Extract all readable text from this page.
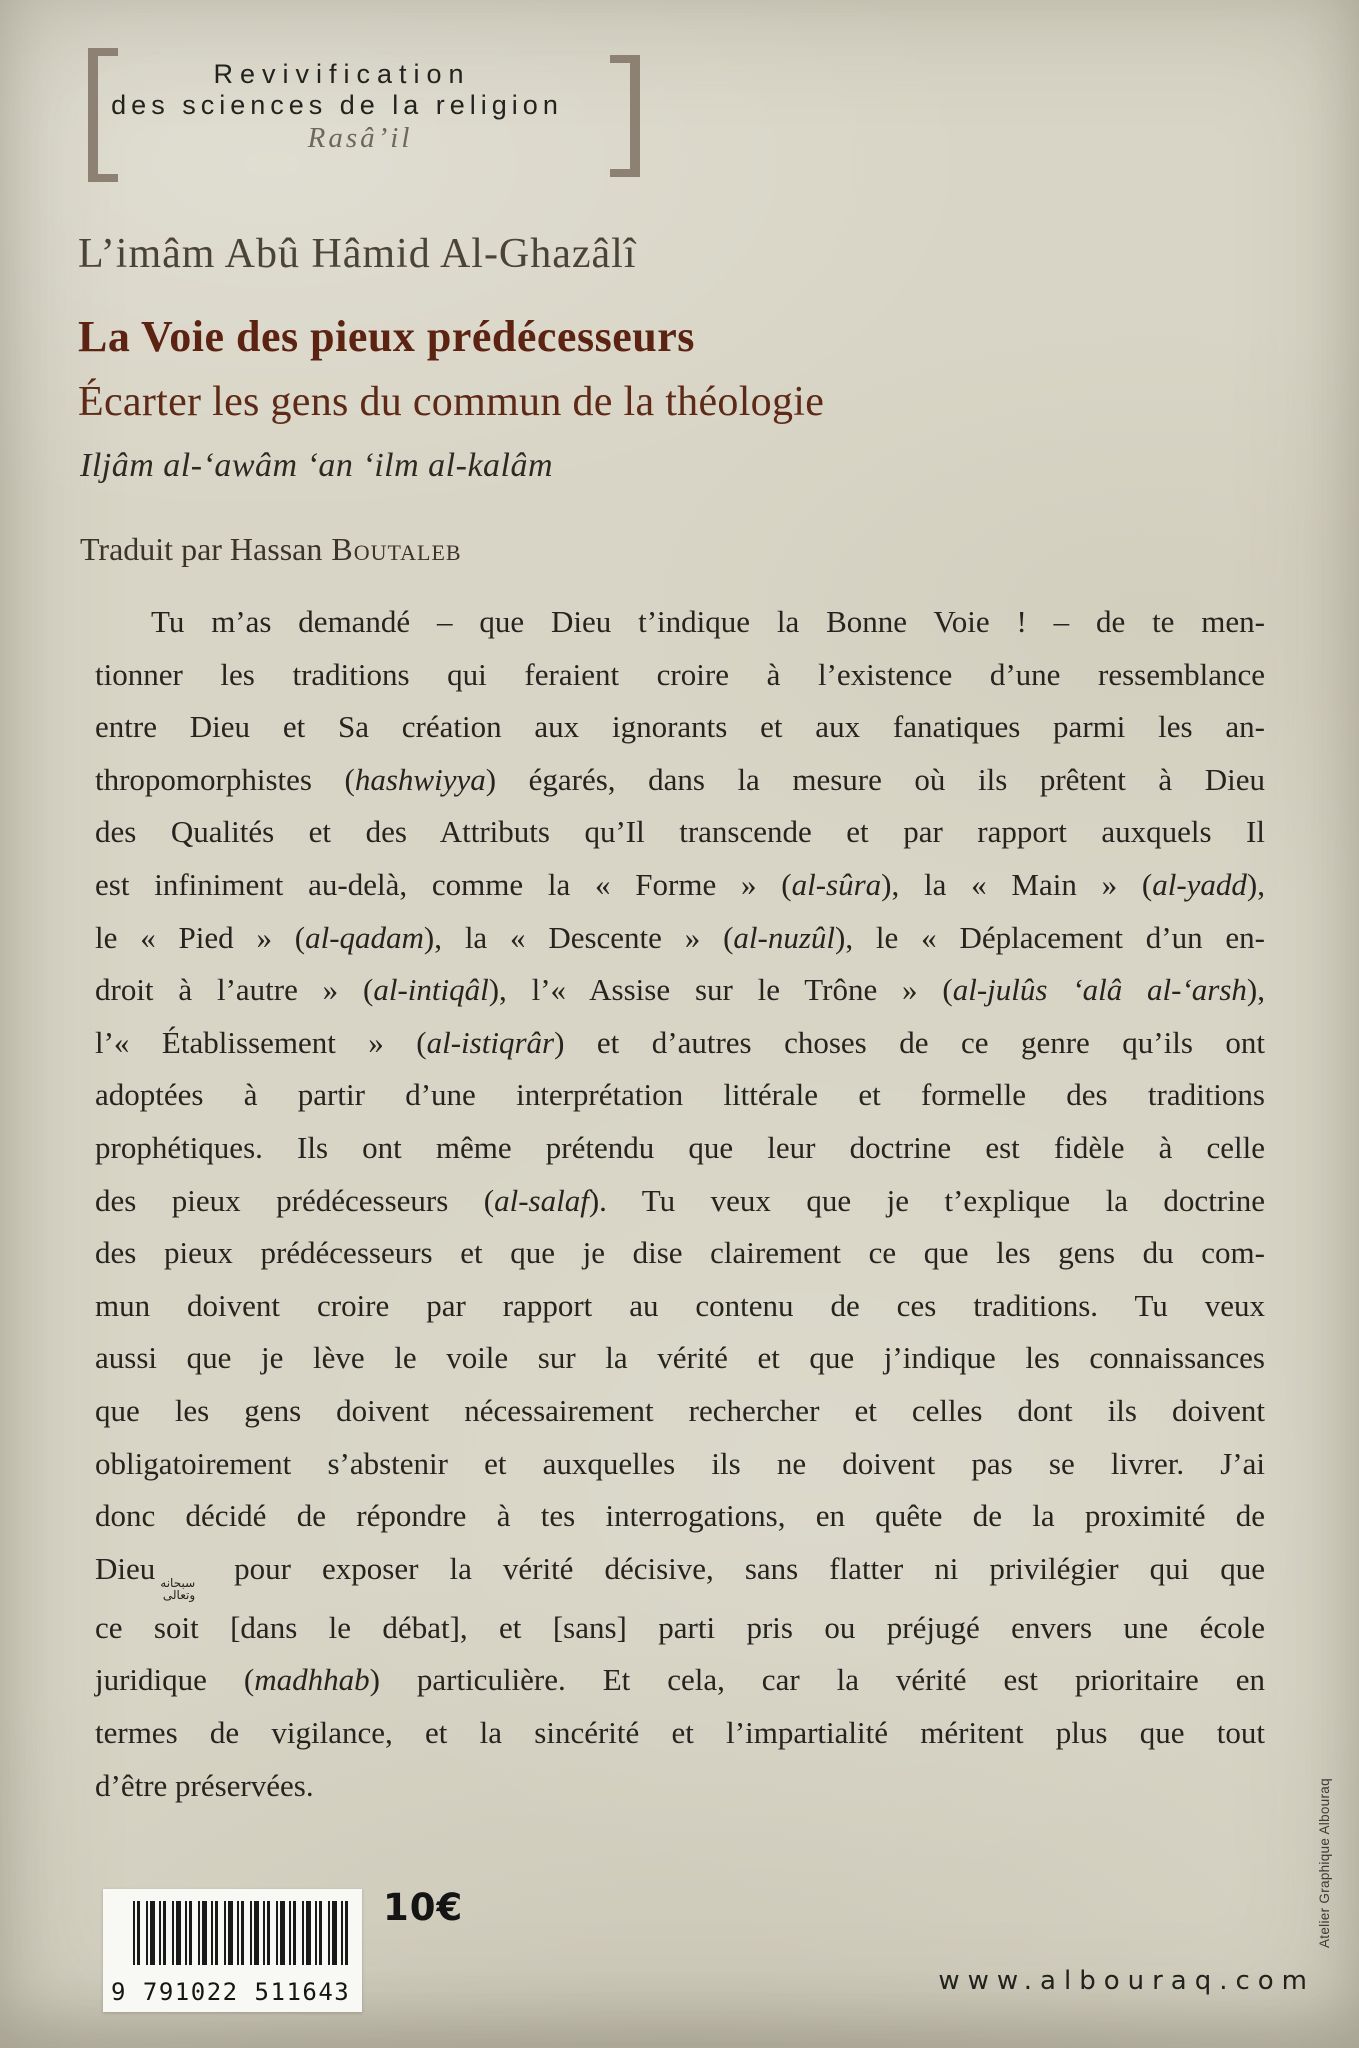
Revivification
des sciences de la religion
Rasâ’il
L’imâm Abû Hâmid Al-Ghazâlî
La Voie des pieux prédécesseurs
Écarter les gens du commun de la théologie
Iljâm al-‘awâm ‘an ‘ilm al-kalâm
Traduit par Hassan Boutaleb
Tu m’as demandé – que Dieu t’indique la Bonne Voie ! – de te men-
tionner les traditions qui feraient croire à l’existence d’une ressemblance
entre Dieu et Sa création aux ignorants et aux fanatiques parmi les an-
thropomorphistes (hashwiyya) égarés, dans la mesure où ils prêtent à Dieu
des Qualités et des Attributs qu’Il transcende et par rapport auxquels Il
est infiniment au-delà, comme la « Forme » (al-sûra), la « Main » (al-yadd),
le « Pied » (al-qadam), la « Descente » (al-nuzûl), le « Déplacement d’un en-
droit à l’autre » (al-intiqâl), l’« Assise sur le Trône » (al-julûs ‘alâ al-‘arsh),
l’« Établissement » (al-istiqrâr) et d’autres choses de ce genre qu’ils ont
adoptées à partir d’une interprétation littérale et formelle des traditions
prophétiques. Ils ont même prétendu que leur doctrine est fidèle à celle
des pieux prédécesseurs (al-salaf). Tu veux que je t’explique la doctrine
des pieux prédécesseurs et que je dise clairement ce que les gens du com-
mun doivent croire par rapport au contenu de ces traditions. Tu veux
aussi que je lève le voile sur la vérité et que j’indique les connaissances
que les gens doivent nécessairement rechercher et celles dont ils doivent
obligatoirement s’abstenir et auxquelles ils ne doivent pas se livrer. J’ai
donc décidé de répondre à tes interrogations, en quête de la proximité de
Dieu سبحانه
وتعالى
pour exposer la vérité décisive, sans flatter ni privilégier qui que
ce soit [dans le débat], et [sans] parti pris ou préjugé envers une école
juridique (madhhab) particulière. Et cela, car la vérité est prioritaire en
termes de vigilance, et la sincérité et l’impartialité méritent plus que tout
d’être préservées.
9 791022 511643
10€
www.albouraq.com
Atelier Graphique Albouraq
